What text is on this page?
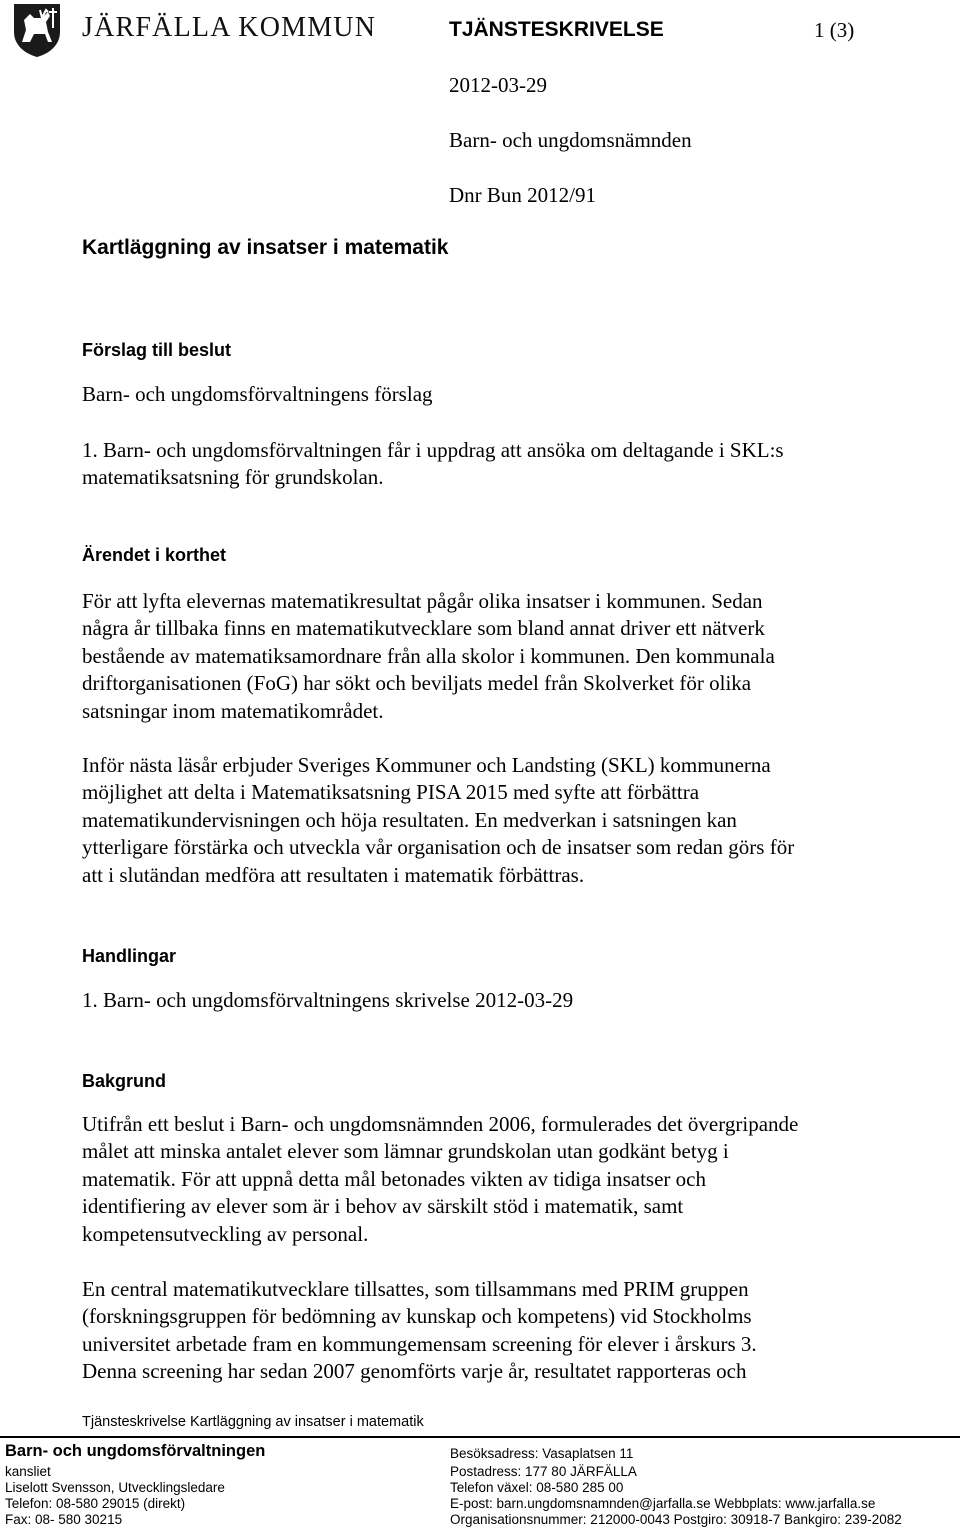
JÄRFÄLLA KOMMUN	TJÄNSTESKRIVELSE	1 (3)
2012-03-29
Barn- och ungdomsnämnden
Dnr Bun 2012/91
Kartläggning av insatser i matematik
Förslag till beslut
Barn- och ungdomsförvaltningens förslag
1. Barn- och ungdomsförvaltningen får i uppdrag att ansöka om deltagande i SKL:s
matematiksatsning för grundskolan.
Ärendet i korthet
För att lyfta elevernas matematikresultat pågår olika insatser i kommunen. Sedan
några år tillbaka finns en matematikutvecklare som bland annat driver ett nätverk
bestående av matematiksamordnare från alla skolor i kommunen. Den kommunala
driftorganisationen (FoG) har sökt och beviljats medel från Skolverket för olika
satsningar inom matematikområdet.
Inför nästa läsår erbjuder Sveriges Kommuner och Landsting (SKL) kommunerna
möjlighet att delta i Matematiksatsning PISA 2015 med syfte att förbättra
matematikundervisningen och höja resultaten. En medverkan i satsningen kan
ytterligare förstärka och utveckla vår organisation och de insatser som redan görs för
att i slutändan medföra att resultaten i matematik förbättras.
Handlingar
1. Barn- och ungdomsförvaltningens skrivelse 2012-03-29
Bakgrund
Utifrån ett beslut i Barn- och ungdomsnämnden 2006, formulerades det övergripande
målet att minska antalet elever som lämnar grundskolan utan godkänt betyg i
matematik. För att uppnå detta mål betonades vikten av tidiga insatser och
identifiering av elever som är i behov av särskilt stöd i matematik, samt
kompetensutveckling av personal.
En central matematikutvecklare tillsattes, som tillsammans med PRIM gruppen
(forskningsgruppen för bedömning av kunskap och kompetens) vid Stockholms
universitet arbetade fram en kommungemensam screening för elever i årskurs 3.
Denna screening har sedan 2007 genomförts varje år, resultatet rapporteras och
Tjänsteskrivelse Kartläggning av insatser i matematik
Barn- och ungdomsförvaltningen
kansliet
Liselott Svensson, Utvecklingsledare
Telefon: 08-580 29015 (direkt)
Fax: 08- 580 30215
Besöksadress: Vasaplatsen 11
Postadress: 177 80 JÄRFÄLLA
Telefon växel: 08-580 285 00
E-post: barn.ungdomsnamnden@jarfalla.se Webbplats: www.jarfalla.se
Organisationsnummer: 212000-0043 Postgiro: 30918-7 Bankgiro: 239-2082
